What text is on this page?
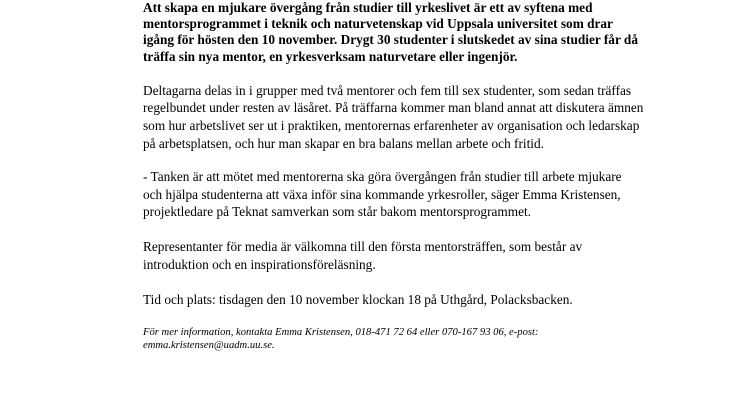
Att skapa en mjukare övergång från studier till yrkeslivet är ett av syftena med
mentorsprogrammet i teknik och naturvetenskap vid Uppsala universitet som drar
igång för hösten den 10 november. Drygt 30 studenter i slutskedet av sina studier får då
träffa sin nya mentor, en yrkesverksam naturvetare eller ingenjör.

Deltagarna delas in i grupper med två mentorer och fem till sex studenter, som sedan träffas
regelbundet under resten av läsåret. På träffarna kommer man bland annat att diskutera ämnen
som hur arbetslivet ser ut i praktiken, mentorernas erfarenheter av organisation och ledarskap
på arbetsplatsen, och hur man skapar en bra balans mellan arbete och fritid.

- Tanken är att mötet med mentorerna ska göra övergången från studier till arbete mjukare
och hjälpa studenterna att växa inför sina kommande yrkesroller, säger Emma Kristensen,
projektledare på Teknat samverkan som står bakom mentorsprogrammet.

Representanter för media är välkomna till den första mentorsträffen, som består av
introduktion och en inspirationsföreläsning.

Tid och plats: tisdagen den 10 november klockan 18 på Uthgård, Polacksbacken.

För mer information, kontakta Emma Kristensen, 018-471 72 64 eller 070-167 93 06, e-post:
emma.kristensen@uadm.uu.se.
